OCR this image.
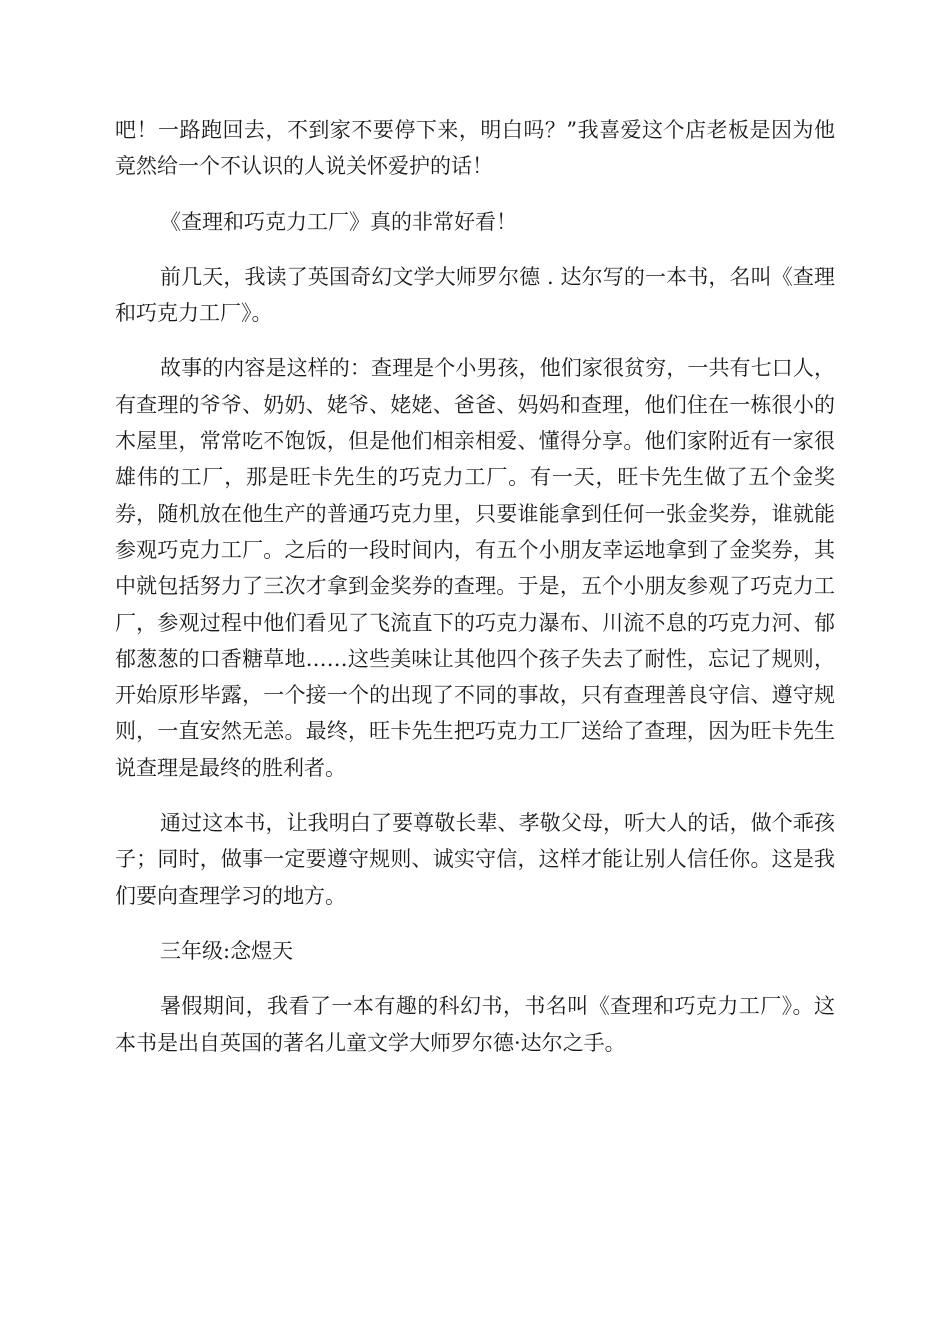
吧！一路跑回去，不到家不要停下来，明白吗？”我喜爱这个店老板是因为他竟然给一个不认识的人说关怀爱护的话！

《查理和巧克力工厂》真的非常好看！

前几天，我读了英国奇幻文学大师罗尔德 . 达尔写的一本书，名叫《查理和巧克力工厂》。

故事的内容是这样的：查理是个小男孩，他们家很贫穷，一共有七口人，有查理的爷爷、奶奶、姥爷、姥姥、爸爸、妈妈和查理，他们住在一栋很小的木屋里，常常吃不饱饭，但是他们相亲相爱、懂得分享。他们家附近有一家很雄伟的工厂，那是旺卡先生的巧克力工厂。有一天，旺卡先生做了五个金奖券，随机放在他生产的普通巧克力里，只要谁能拿到任何一张金奖券，谁就能参观巧克力工厂。之后的一段时间内，有五个小朋友幸运地拿到了金奖券，其中就包括努力了三次才拿到金奖券的查理。于是，五个小朋友参观了巧克力工厂，参观过程中他们看见了飞流直下的巧克力瀑布、川流不息的巧克力河、郁郁葱葱的口香糖草地……这些美味让其他四个孩子失去了耐性，忘记了规则，开始原形毕露，一个接一个的出现了不同的事故，只有查理善良守信、遵守规则，一直安然无恙。最终，旺卡先生把巧克力工厂送给了查理，因为旺卡先生说查理是最终的胜利者。

通过这本书，让我明白了要尊敬长辈、孝敬父母，听大人的话，做个乖孩子；同时，做事一定要遵守规则、诚实守信，这样才能让别人信任你。这是我们要向查理学习的地方。

三年级:念煜天

暑假期间，我看了一本有趣的科幻书，书名叫《查理和巧克力工厂》。这本书是出自英国的著名儿童文学大师罗尔德·达尔之手。
